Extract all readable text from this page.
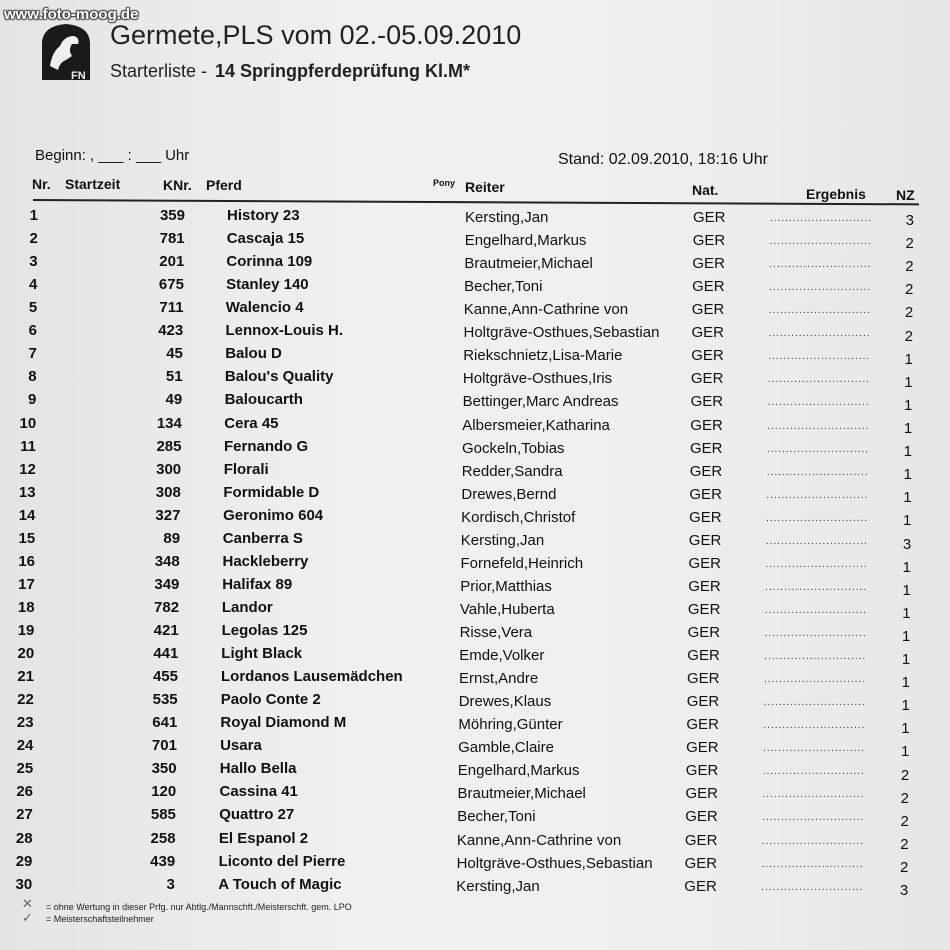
www.foto-moog.de
FN
Germete,PLS vom 02.-05.09.2010
Starterliste - 14 Springpferdeprüfung Kl.M*
Beginn: , ___ : ___ Uhr	Stand: 02.09.2010, 18:16 Uhr
Nr. Startzeit	KNr. Pferd	Pony Reiter	Nat.	Ergebnis NZ
1	359	History 23	Kersting,Jan	GER	3
...........................
2	781	Cascaja 15	Engelhard,Markus	GER	2
...........................
3	201	Corinna 109	Brautmeier,Michael	GER	2
...........................
4	675	Stanley 140	Becher,Toni	GER	2
...........................
5	711	Walencio 4	Kanne,Ann-Cathrine von	GER	2
...........................
6	423	Lennox-Louis H.	Holtgräve-Osthues,Sebastian GER	2
...........................
7	45	Balou D	Riekschnietz,Lisa-Marie	GER	1
...........................
8	51	Balou's Quality	Holtgräve-Osthues,Iris	GER	1
...........................
9	49	Baloucarth	Bettinger,Marc Andreas	GER	1
...........................
10	134	Cera 45	Albersmeier,Katharina	GER	1
...........................
11	285	Fernando G	Gockeln,Tobias	GER	1
...........................
12	300	Florali	Redder,Sandra	GER	1
...........................
13	308	Formidable D	Drewes,Bernd	GER	1
...........................
14	327	Geronimo 604	Kordisch,Christof	GER	1
...........................
15	89	Canberra S	Kersting,Jan	GER	3
...........................
16	348	Hackleberry	Fornefeld,Heinrich	GER	1
...........................
17	349	Halifax 89	Prior,Matthias	GER	1
...........................
18	782	Landor	Vahle,Huberta	GER	1
...........................
19	421	Legolas 125	Risse,Vera	GER	1
...........................
20	441	Light Black	Emde,Volker	GER	1
...........................
21	455	Lordanos Lausemädchen	Ernst,Andre	GER	1
...........................
22	535	Paolo Conte 2	Drewes,Klaus	GER	1
...........................
23	641	Royal Diamond M	Möhring,Günter	GER	1
...........................
24	701	Usara	Gamble,Claire	GER	1
...........................
25	350	Hallo Bella	Engelhard,Markus	GER	2
...........................
26	120	Cassina 41	Brautmeier,Michael	GER	2
...........................
27	585	Quattro 27	Becher,Toni	GER	2
...........................
28	258	El Espanol 2	Kanne,Ann-Cathrine von	GER	2
...........................
29	439	Liconto del Pierre	Holtgräve-Osthues,Sebastian GER	2
...........................
30	3	A Touch of Magic	Kersting,Jan	GER	3
...........................
✕ = ohne Wertung in dieser Prfg. nur Abtlg./Mannschft./Meisterschft. gem. LPO
✓ = Meisterschaftsteilnehmer
